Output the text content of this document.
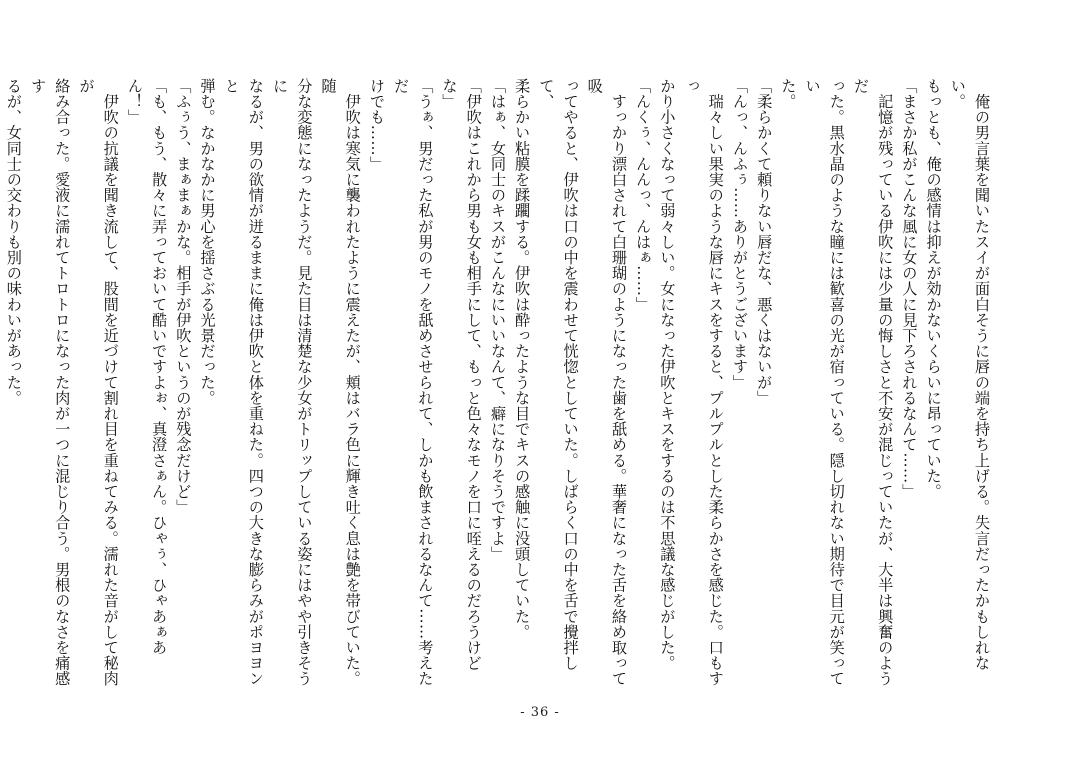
　俺の男言葉を聞いたスイが面白そうに唇の端を持ち上げる。失言だったかもしれない。

もっとも、俺の感情は抑えが効かないくらいに昂っていた。

「まさか私がこんな風に女の人に見下ろされるなんて……」

　記憶が残っている伊吹には少量の悔しさと不安が混じっていたが、大半は興奮のようだ

った。黒水晶のような瞳には歓喜の光が宿っている。隠し切れない期待で目元が笑ってい

た。

「柔らかくて頼りない唇だな、悪くはないが」

「んっ、んふぅ……ありがとうございます」

　瑞々しい果実のような唇にキスをすると、プルプルとした柔らかさを感じた。口もすっ

かり小さくなって弱々しい。女になった伊吹とキスをするのは不思議な感じがした。

「んくぅ、んんっ、んはぁ……」

　すっかり漂白されて白珊瑚のようになった歯を舐める。華奢になった舌を絡め取って吸

ってやると、伊吹は口の中を震わせて恍惚としていた。しばらく口の中を舌で攪拌して、

柔らかい粘膜を蹂躙する。伊吹は酔ったような目でキスの感触に没頭していた。

「はぁ、女同士のキスがこんなにいいなんて、癖になりそうですよ」

「伊吹はこれから男も女も相手にして、もっと色々なモノを口に咥えるのだろうけどな」

「うぁ、男だった私が男のモノを舐めさせられて、しかも飲まされるなんて……考えただ

けでも……」

　伊吹は寒気に襲われたように震えたが、頬はバラ色に輝き吐く息は艶を帯びていた。随

分な変態になったようだ。見た目は清楚な少女がトリップしている姿にはやや引きそうに

なるが、男の欲情が迸るままに俺は伊吹と体を重ねた。四つの大きな膨らみがポヨヨンと

弾む。なかなかに男心を揺さぶる光景だった。

「ふぅう、まぁまぁかな。相手が伊吹というのが残念だけど」

「も、もう、散々に弄っておいて酷いですよぉ、真澄さぁん。ひゃぅ、ひゃあぁあん！」

　伊吹の抗議を聞き流して、股間を近づけて割れ目を重ねてみる。濡れた音がして秘肉が

絡み合った。愛液に濡れてトロトロになった肉が一つに混じり合う。男根のなさを痛感す

るが、女同士の交わりも別の味わいがあった。

- 36 -
